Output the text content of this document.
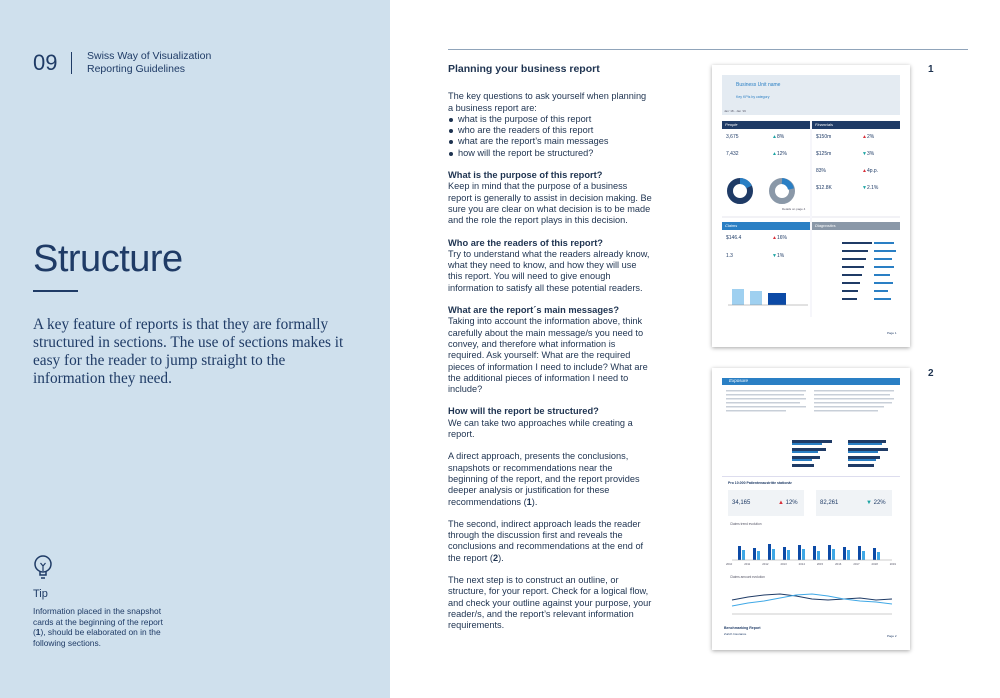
09	Swiss Way of Visualization
Reporting Guidelines
Structure
A key feature of reports is that they are formally structured in sections. The use of sections makes it easy for the reader to jump straight to the information they need.
Tip
Information placed in the snapshot cards at the beginning of the report (1), should be elaborated on in the following sections.
Planning your business report
The key questions to ask yourself when planning a business report are:
what is the purpose of this report
who are the readers of this report
what are the report’s main messages
how will the report be structured?
What is the purpose of this report?

Keep in mind that the purpose of a business report is generally to assist in decision making. Be sure you are clear on what decision is to be made and the role the report plays in this decision.

Who are the readers of this report?

Try to understand what the readers already know, what they need to know, and how they will use this report. You will need to give enough information to satisfy all these potential readers.

What are the report´s main messages?

Taking into account the information above, think carefully about the main message/s you need to convey, and therefore what information is required. Ask yourself: What are the required pieces of information I need to include? What are the additional pieces of information I need to include?

How will the report be structured?

We can take two approaches while creating a report.

A direct approach, presents the conclusions, snapshots or recommendations near the beginning of the report, and the report provides deeper analysis or justification for these recommendations (1).

The second, indirect approach leads the reader through the discussion first and reveals the conclusions and recommendations at the end of the report (2).

The next step is to construct an outline, or structure, for your report. Check for a logical flow, and check your outline against your purpose, your reader/s, and the report’s relevant information requirements.

1
Business Unit name
Key KPIs by category
Jan '18 - Jan '19
People	Financials
Claims	Diagnostics
3,675	▲8%
7,432	▲12%
$150m	▲2%
$125m	▼3%
83%	▲4p.p.
$12.8K	▼2.1%
$146.4	▲16%
1.3	▼1%
Details on page 4
Page 1
2
Exposure
Pro 10.000 Patientenaustritte stationär
34,165	▲ 12%	82,261	▼ 22%
Claims trend evolution
Claims amount evolution
2010	2011	2012	2013	2014	2015	2016	2017	2018	2019
Benchmarking Report
Zurich Insurance	Page 2
